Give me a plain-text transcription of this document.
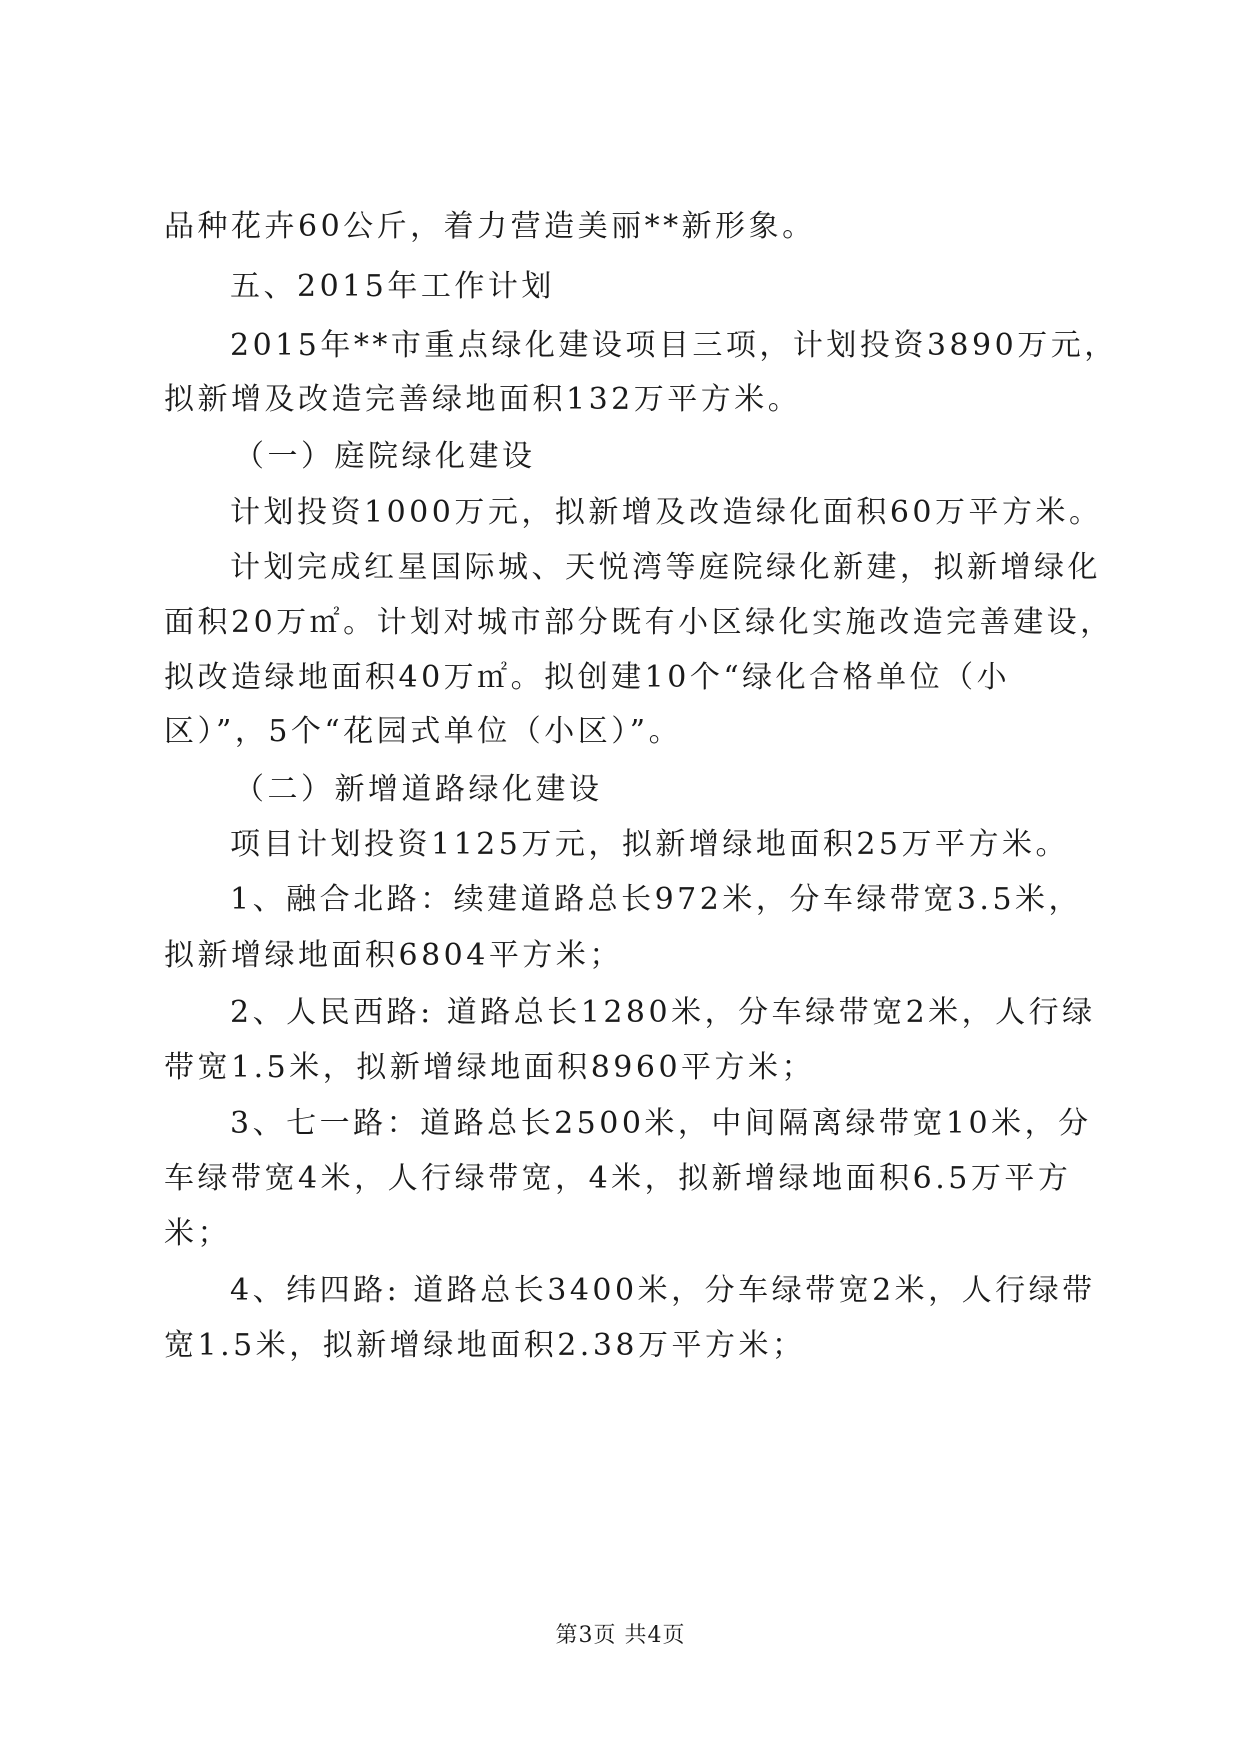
品种花卉60公斤，着力营造美丽**新形象。
五、2015年工作计划
2015年**市重点绿化建设项目三项，计划投资3890万元，
拟新增及改造完善绿地面积132万平方米。
（一）庭院绿化建设
计划投资1000万元，拟新增及改造绿化面积60万平方米。
计划完成红星国际城、天悦湾等庭院绿化新建，拟新增绿化
面积20万㎡。计划对城市部分既有小区绿化实施改造完善建设，
拟改造绿地面积40万㎡。拟创建10个“绿化合格单位（小
区）”，5个“花园式单位（小区）”。
（二）新增道路绿化建设
项目计划投资1125万元，拟新增绿地面积25万平方米。
1、融合北路：续建道路总长972米，分车绿带宽3.5米，
拟新增绿地面积6804平方米；
2、人民西路: 道路总长1280米，分车绿带宽2米，人行绿
带宽1.5米，拟新增绿地面积8960平方米；
3、七一路：道路总长2500米，中间隔离绿带宽10米，分
车绿带宽4米，人行绿带宽，4米，拟新增绿地面积6.5万平方
米；
4、纬四路: 道路总长3400米，分车绿带宽2米，人行绿带
宽1.5米，拟新增绿地面积2.38万平方米；
第3页 共4页
